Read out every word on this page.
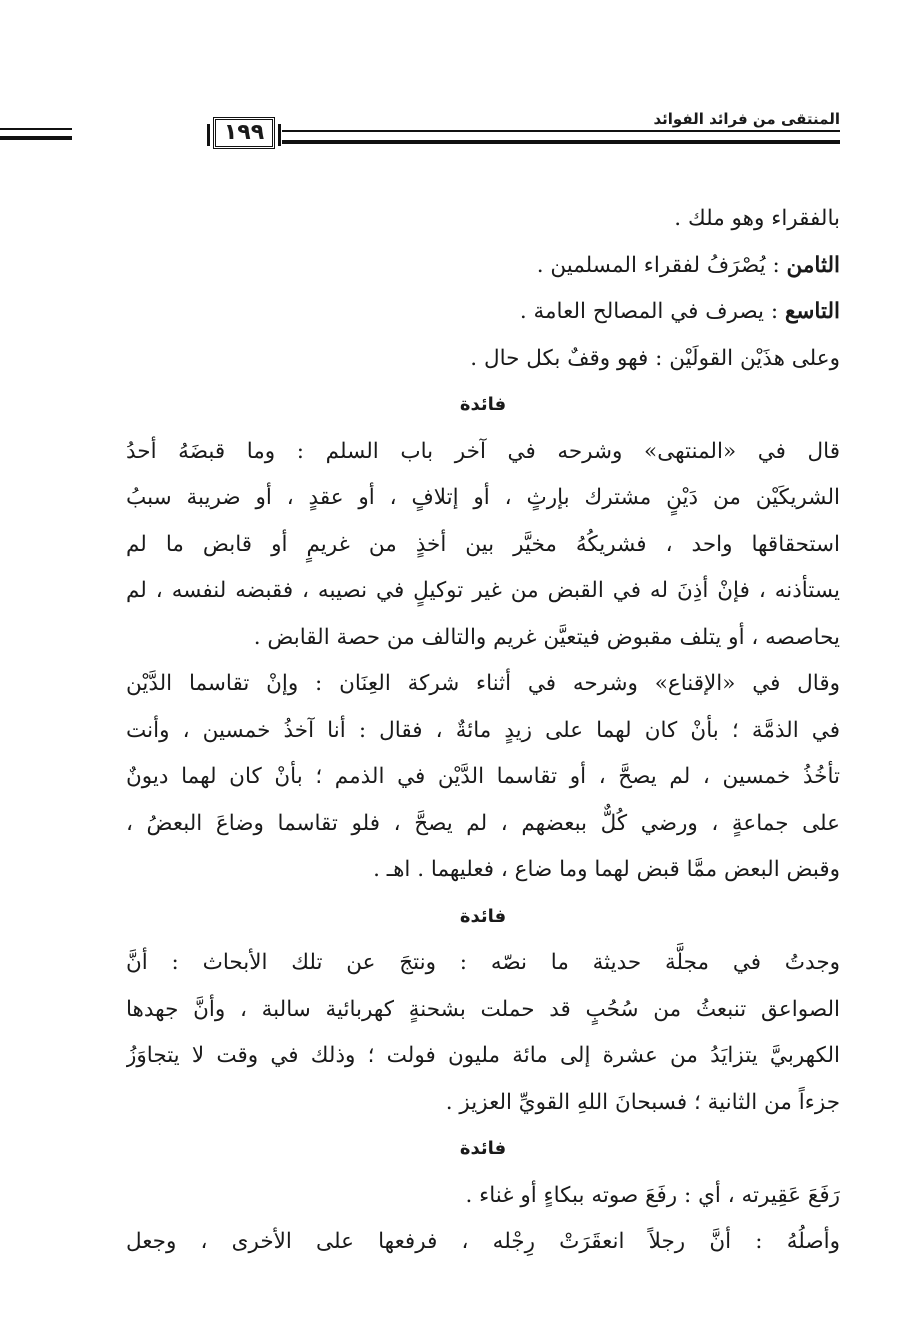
المنتقى من فرائد الفوائد
١٩٩
بالفقراء وهو ملك .
الثامن : يُصْرَفُ لفقراء المسلمين .
التاسع : يصرف في المصالح العامة .
وعلى هذَيْن القولَيْن : فهو وقفٌ بكل حال .
فائدة
قال في «المنتهى» وشرحه في آخر باب السلم : وما قبضَهُ أحدُ
الشريكَيْن من دَيْنٍ مشترك بإرثٍ ، أو إتلافٍ ، أو عقدٍ ، أو ضريبة سببُ
استحقاقها واحد ، فشريكُهُ مخيَّر بين أخذٍ من غريمٍ أو قابض ما لم
يستأذنه ، فإنْ أذِنَ له في القبض من غير توكيلٍ في نصيبه ، فقبضه لنفسه ، لم
يحاصصه ، أو يتلف مقبوض فيتعيَّن غريم والتالف من حصة القابض .
وقال في «الإقناع» وشرحه في أثناء شركة العِنَان : وإنْ تقاسما الدَّيْن
في الذمَّة ؛ بأنْ كان لهما على زيدٍ مائةٌ ، فقال : أنا آخذُ خمسين ، وأنت
تأخُذُ خمسين ، لم يصحَّ ، أو تقاسما الدَّيْن في الذمم ؛ بأنْ كان لهما ديونٌ
على جماعةٍ ، ورضي كُلٌّ ببعضهم ، لم يصحَّ ، فلو تقاسما وضاعَ البعضُ ،
وقبض البعض ممَّا قبض لهما وما ضاع ، فعليهما . اهـ .
فائدة
وجدتُ في مجلَّة حديثة ما نصّه : ونتجَ عن تلك الأبحاث : أنَّ
الصواعق تنبعثُ من سُحُبٍ قد حملت بشحنةٍ كهربائية سالبة ، وأنَّ جهدها
الكهربيَّ يتزايَدُ من عشرة إلى مائة مليون فولت ؛ وذلك في وقت لا يتجاوَزُ
جزءاً من الثانية ؛ فسبحانَ اللهِ القويِّ العزيز .
فائدة
رَفَعَ عَقِيرته ، أي : رفَعَ صوته ببكاءٍ أو غناء .
وأصلُهُ : أنَّ رجلاً انعقَرَتْ رِجْله ، فرفعها على الأخرى ، وجعل
